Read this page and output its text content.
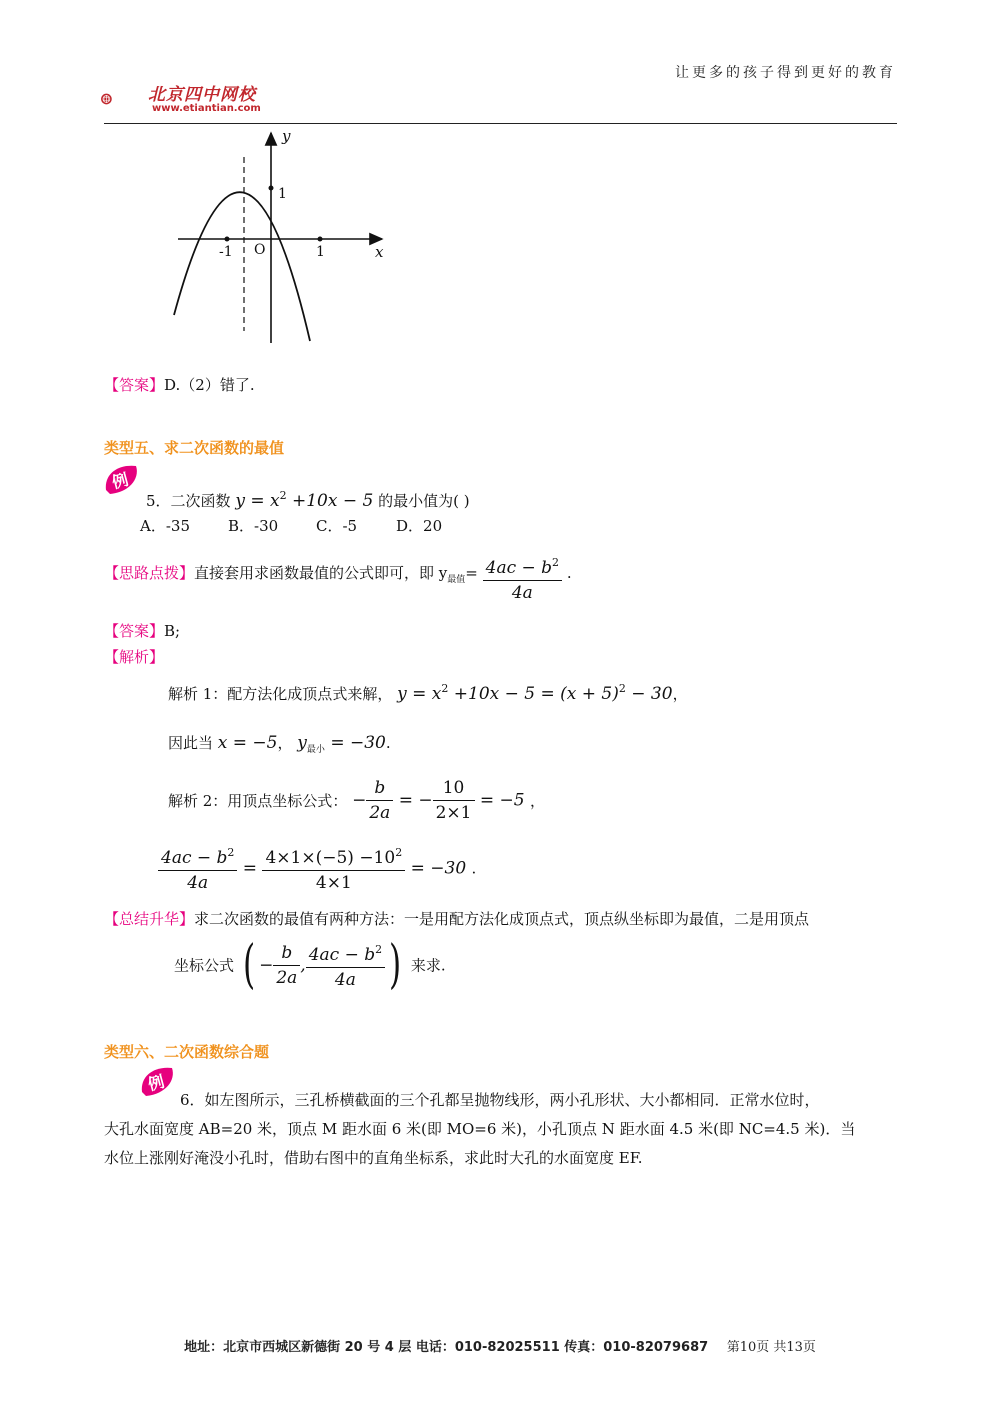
让更多的孩子得到更好的教育
北京四中网校
www.etiantian.com
y
x
1
-1 O	1
【答案】D.（2）错了.
类型五、求二次函数的最值
例
5．二次函数 $y = x^2 +10x - 5$ 的最小值为( )
A．-35	B．-30	C．-5	D．20
【思路点拨】直接套用求函数最值的公式即可，即 $y_{最值}= \frac{4ac - b^2}{4a}$ .
【答案】B;
【解析】
解析 1：配方法化成顶点式来解， $y = x^2 +10x - 5 = (x + 5)^2 - 30$，
因此当 x = −5， $y_{最小} = -30$.
解析 2：用顶点坐标公式： − $\frac{b}{2a}$ = − $\frac{10}{2\times 1} = -5$ ，
$\frac{4ac - b^2}{4a} = \frac{4\times 1\times(-5) -10^2}{4\times 1} = -30$ .
【总结升华】求二次函数的最值有两种方法：一是用配方法化成顶点式，顶点纵坐标即为最值，二是用顶点
坐标公式 ( − $\frac{b}{2a}$ , $\frac{4ac - b^2}{4a}$ ) 来求.
类型六、二次函数综合题
例
6．如左图所示，三孔桥横截面的三个孔都呈抛物线形，两小孔形状、大小都相同．正常水位时，
大孔水面宽度 AB=20 米，顶点 M 距水面 6 米(即 MO=6 米)，小孔顶点 N 距水面 4.5 米(即 NC=4.5 米)．当
水位上涨刚好淹没小孔时，借助右图中的直角坐标系，求此时大孔的水面宽度 EF.
地址：北京市西城区新德街 20 号 4 层 电话：010-82025511 传真：010-82079687 第10页 共13页
